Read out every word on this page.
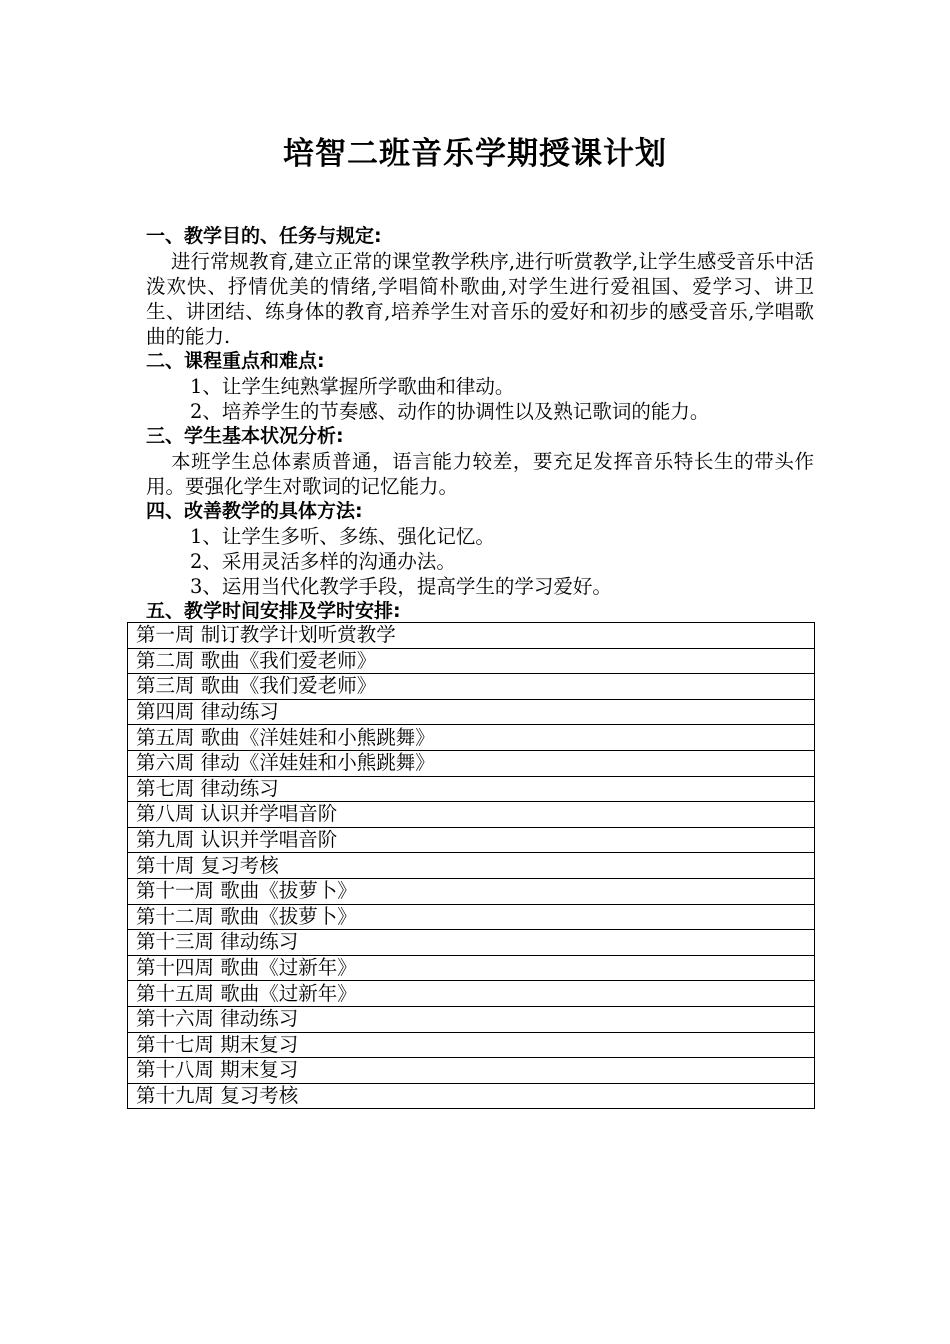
培智二班音乐学期授课计划
一、教学目的、任务与规定:
进行常规教育,建立正常的课堂教学秩序,进行听赏教学,让学生感受音乐中活泼欢快、抒情优美的情绪,学唱简朴歌曲,对学生进行爱祖国、爱学习、讲卫生、讲团结、练身体的教育,培养学生对音乐的爱好和初步的感受音乐,学唱歌曲的能力.
二、课程重点和难点:
1、让学生纯熟掌握所学歌曲和律动。
2、培养学生的节奏感、动作的协调性以及熟记歌词的能力。
三、学生基本状况分析:
本班学生总体素质普通，语言能力较差，要充足发挥音乐特长生的带头作用。要强化学生对歌词的记忆能力。
四、改善教学的具体方法:
1、让学生多听、多练、强化记忆。
2、采用灵活多样的沟通办法。
3、运用当代化教学手段，提高学生的学习爱好。
五、教学时间安排及学时安排:
第一周 制订教学计划听赏教学
第二周 歌曲《我们爱老师》
第三周 歌曲《我们爱老师》
第四周 律动练习
第五周 歌曲《洋娃娃和小熊跳舞》
第六周 律动《洋娃娃和小熊跳舞》
第七周 律动练习
第八周 认识并学唱音阶
第九周 认识并学唱音阶
第十周 复习考核
第十一周 歌曲《拔萝卜》
第十二周 歌曲《拔萝卜》
第十三周 律动练习
第十四周 歌曲《过新年》
第十五周 歌曲《过新年》
第十六周 律动练习
第十七周 期末复习
第十八周 期末复习
第十九周 复习考核
